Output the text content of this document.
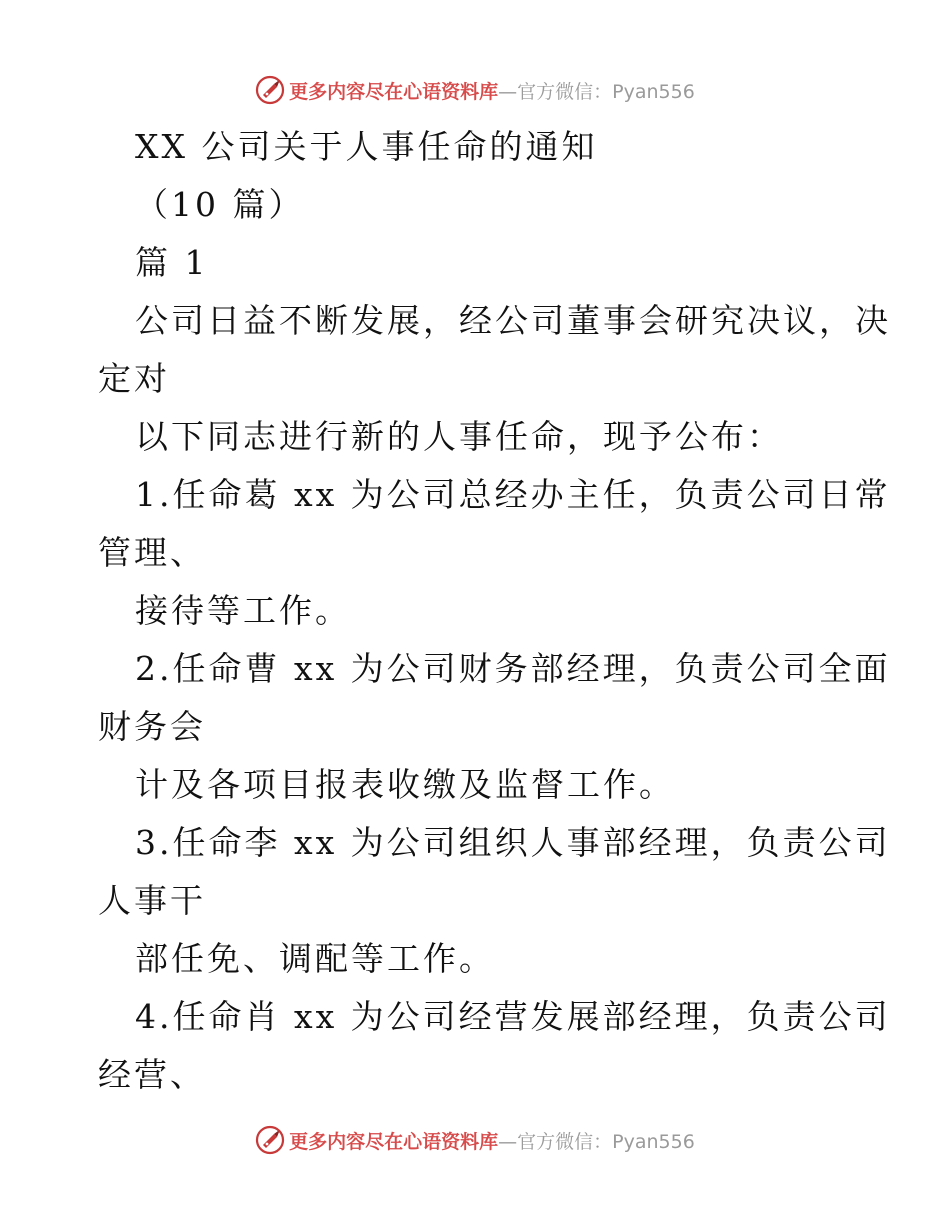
更多内容尽在心语资料库—官方微信：Pyan556
XX 公司关于人事任命的通知
（10 篇）
篇 1
公司日益不断发展，经公司董事会研究决议，决
定对
以下同志进行新的人事任命，现予公布：
1.任命葛 xx 为公司总经办主任，负责公司日常
管理、
接待等工作。
2.任命曹 xx 为公司财务部经理，负责公司全面
财务会
计及各项目报表收缴及监督工作。
3.任命李 xx 为公司组织人事部经理，负责公司
人事干
部任免、调配等工作。
4.任命肖 xx 为公司经营发展部经理，负责公司
经营、
更多内容尽在心语资料库—官方微信：Pyan556
